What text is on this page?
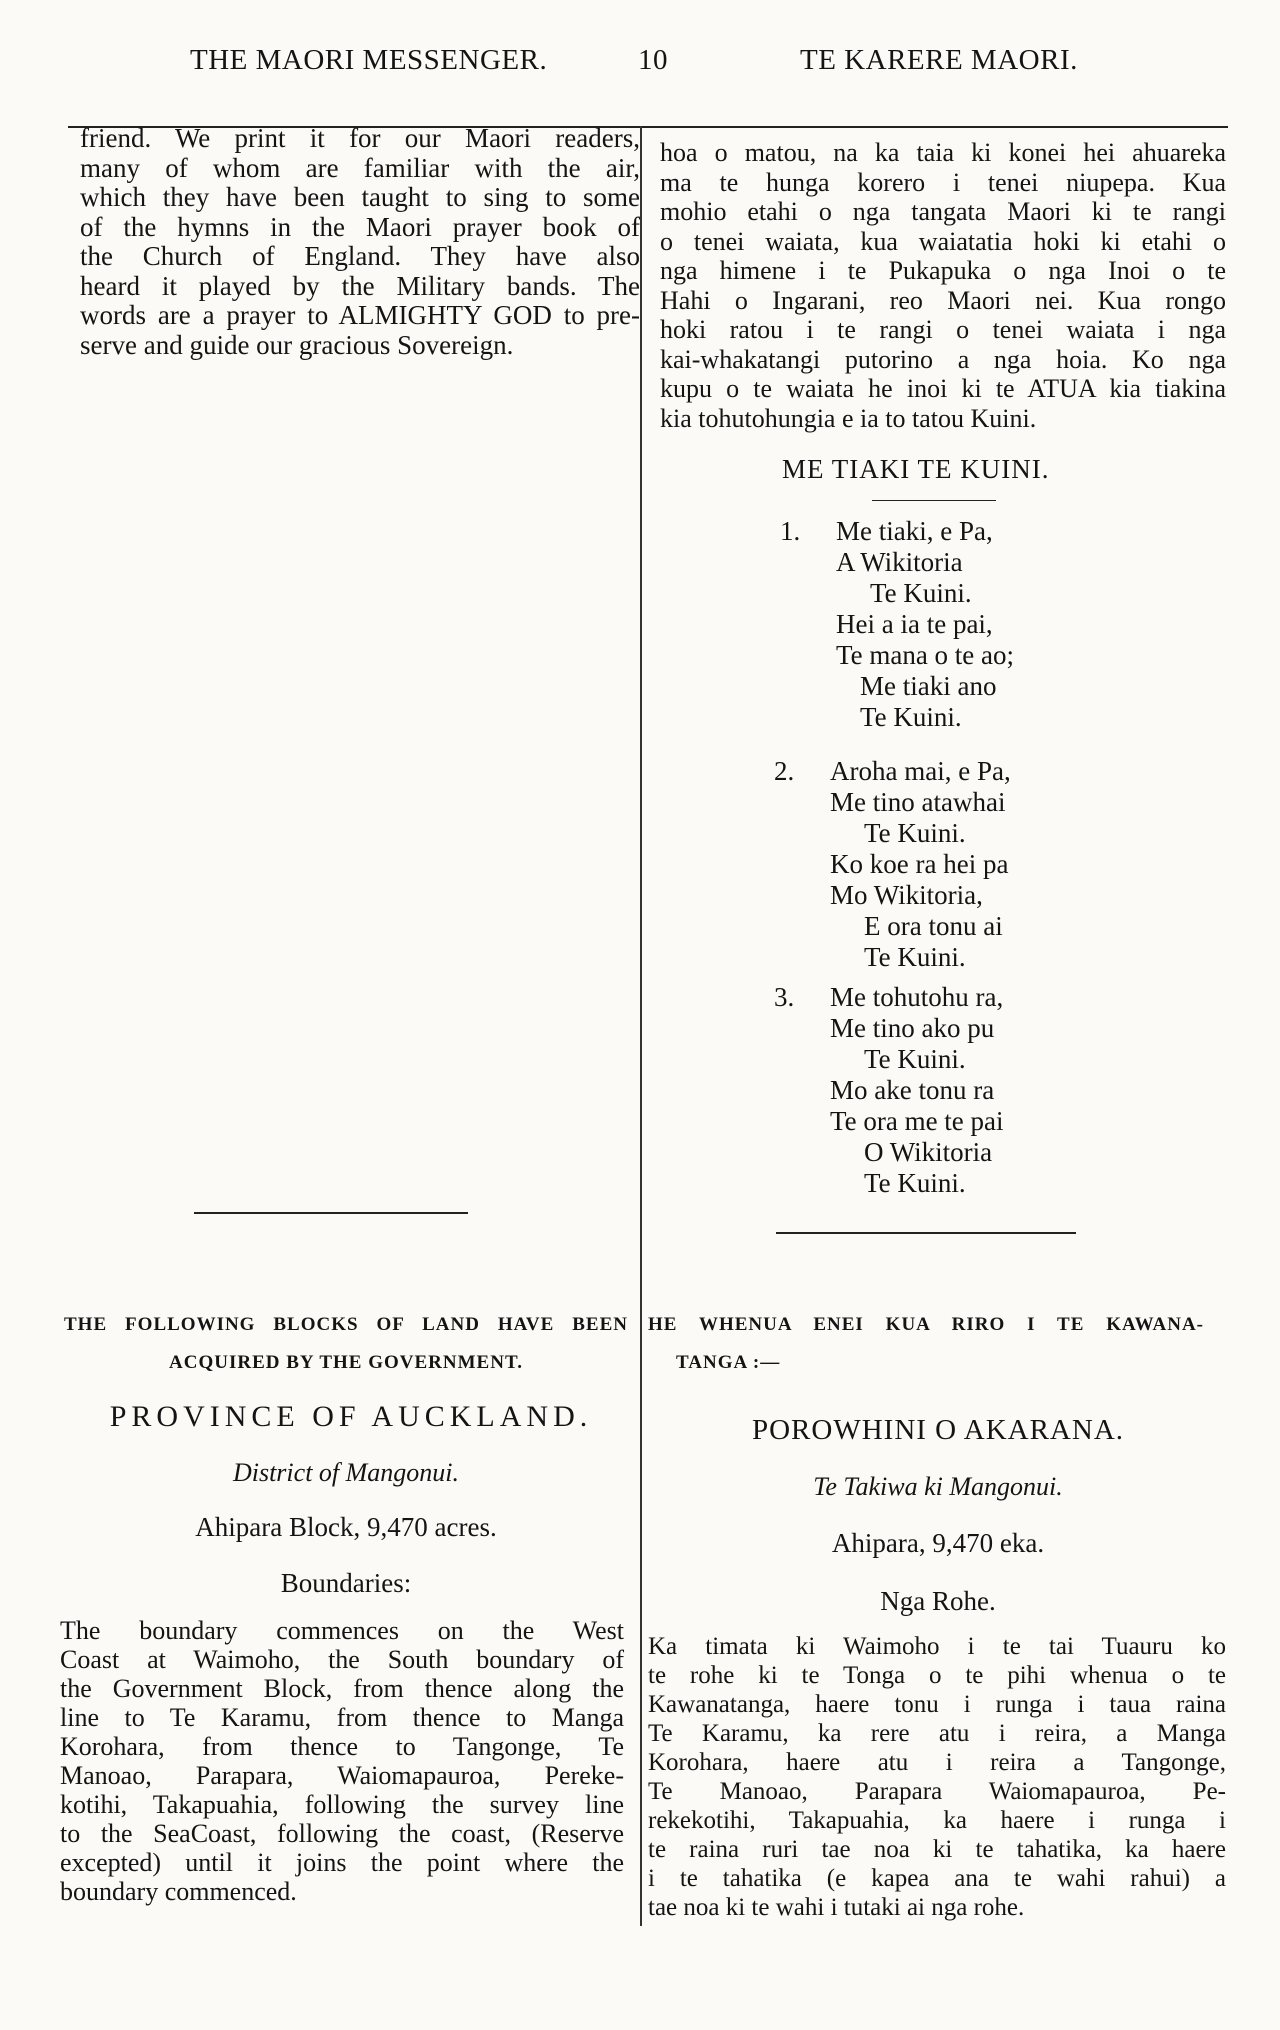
THE MAORI MESSENGER.	10	TE KARERE MAORI.
friend. We print it for our Maori readers,
many of whom are familiar with the air,
which they have been taught to sing to some
of the hymns in the Maori prayer book of
the Church of England. They have also
heard it played by the Military bands. The
words are a prayer to ALMIGHTY GOD to pre-
serve and guide our gracious Sovereign.
hoa o matou, na ka taia ki konei hei ahuareka
ma te hunga korero i tenei niupepa. Kua
mohio etahi o nga tangata Maori ki te rangi
o tenei waiata, kua waiatatia hoki ki etahi o
nga himene i te Pukapuka o nga Inoi o te
Hahi o Ingarani, reo Maori nei. Kua rongo
hoki ratou i te rangi o tenei waiata i nga
kai-whakatangi putorino a nga hoia. Ko nga
kupu o te waiata he inoi ki te ATUA kia tiakina
kia tohutohungia e ia to tatou Kuini.
ME TIAKI TE KUINI.
1. Me tiaki, e Pa,
A Wikitoria
Te Kuini.
Hei a ia te pai,
Te mana o te ao;
Me tiaki ano
Te Kuini.
2. Aroha mai, e Pa,
Me tino atawhai
Te Kuini.
Ko koe ra hei pa
Mo Wikitoria,
E ora tonu ai
Te Kuini.
3. Me tohutohu ra,
Me tino ako pu
Te Kuini.
Mo ake tonu ra
Te ora me te pai
O Wikitoria
Te Kuini.
THE FOLLOWING BLOCKS OF LAND HAVE BEEN
ACQUIRED BY THE GOVERNMENT.
PROVINCE OF AUCKLAND.
District of Mangonui.
Ahipara Block, 9,470 acres.
Boundaries:
The boundary commences on the West
Coast at Waimoho, the South boundary of
the Government Block, from thence along the
line to Te Karamu, from thence to Manga
Korohara, from thence to Tangonge, Te
Manoao, Parapara, Waiomapauroa, Pereke-
kotihi, Takapuahia, following the survey line
to the SeaCoast, following the coast, (Reserve
excepted) until it joins the point where the
boundary commenced.
HE WHENUA ENEI KUA RIRO I TE KAWANA-
TANGA :—
POROWHINI O AKARANA.
Te Takiwa ki Mangonui.
Ahipara, 9,470 eka.
Nga Rohe.
Ka timata ki Waimoho i te tai Tuauru ko
te rohe ki te Tonga o te pihi whenua o te
Kawanatanga, haere tonu i runga i taua raina
Te Karamu, ka rere atu i reira, a Manga
Korohara, haere atu i reira a Tangonge,
Te Manoao, Parapara Waiomapauroa, Pe-
rekekotihi, Takapuahia, ka haere i runga i
te raina ruri tae noa ki te tahatika, ka haere
i te tahatika (e kapea ana te wahi rahui) a
tae noa ki te wahi i tutaki ai nga rohe.
